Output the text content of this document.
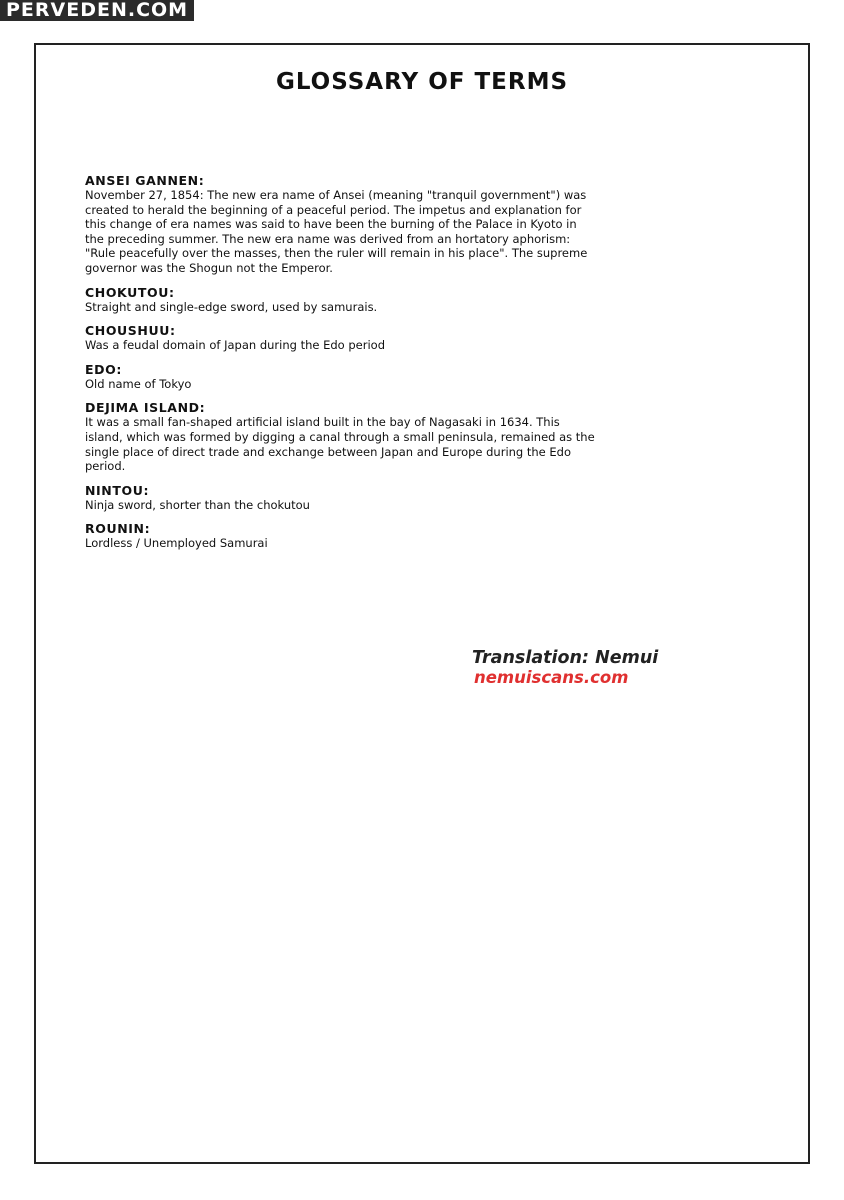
PERVEDEN.COM
GLOSSARY OF TERMS
ANSEI GANNEN:
November 27, 1854: The new era name of Ansei (meaning "tranquil government") was
created to herald the beginning of a peaceful period. The impetus and explanation for
this change of era names was said to have been the burning of the Palace in Kyoto in
the preceding summer. The new era name was derived from an hortatory aphorism:
"Rule peacefully over the masses, then the ruler will remain in his place". The supreme
governor was the Shogun not the Emperor.
CHOKUTOU:
Straight and single-edge sword, used by samurais.
CHOUSHUU:
Was a feudal domain of Japan during the Edo period
EDO:
Old name of Tokyo
DEJIMA ISLAND:
It was a small fan-shaped artificial island built in the bay of Nagasaki in 1634. This
island, which was formed by digging a canal through a small peninsula, remained as the
single place of direct trade and exchange between Japan and Europe during the Edo
period.
NINTOU:
Ninja sword, shorter than the chokutou
ROUNIN:
Lordless / Unemployed Samurai
Translation: Nemui
nemuiscans.com
